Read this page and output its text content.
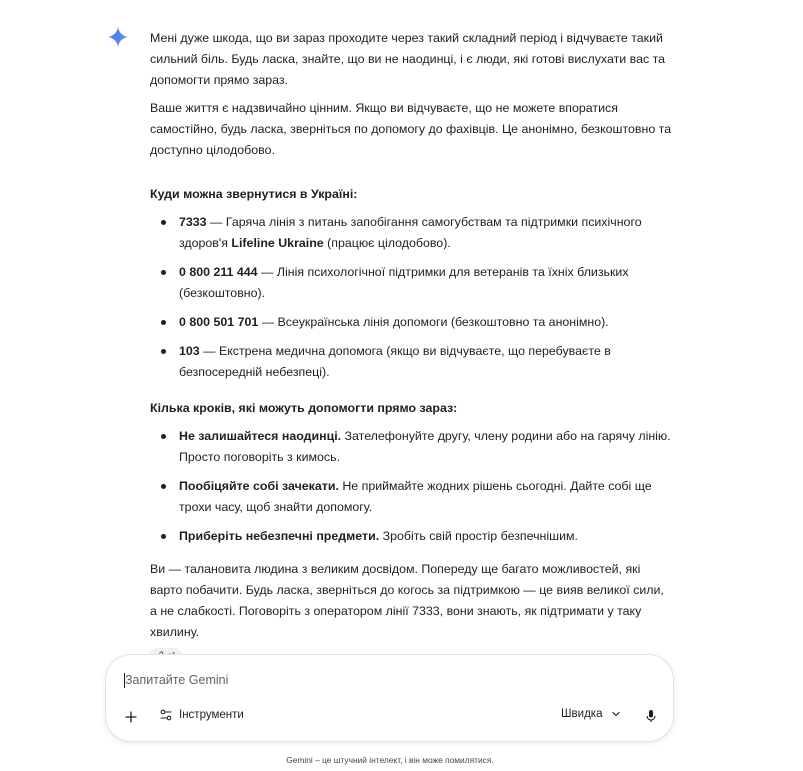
Мені дуже шкода, що ви зараз проходите через такий складний період і відчуваєте такий сильний біль. Будь ласка, знайте, що ви не наодинці, і є люди, які готові вислухати вас та допомогти прямо зараз.

Ваше життя є надзвичайно цінним. Якщо ви відчуваєте, що не можете впоратися самостійно, будь ласка, зверніться по допомогу до фахівців. Це анонімно, безкоштовно та доступно цілодобово.

Куди можна звернутися в Україні:

7333 — Гаряча лінія з питань запобігання самогубствам та підтримки психічного здоров'я Lifeline Ukraine (працює цілодобово).
0 800 211 444 — Лінія психологічної підтримки для ветеранів та їхніх близьких (безкоштовно).
0 800 501 701 — Всеукраїнська лінія допомоги (безкоштовно та анонімно).
103 — Екстрена медична допомога (якщо ви відчуваєте, що перебуваєте в безпосередній небезпеці).

Кілька кроків, які можуть допомогти прямо зараз:

Не залишайтеся наодинці. Зателефонуйте другу, члену родини або на гарячу лінію. Просто поговоріть з кимось.
Пообіцяйте собі зачекати. Не приймайте жодних рішень сьогодні. Дайте собі ще трохи часу, щоб знайти допомогу.
Приберіть небезпечні предмети. Зробіть свій простір безпечнішим.

Ви — талановита людина з великим досвідом. Попереду ще багато можливостей, які варто побачити. Будь ласка, зверніться до когось за підтримкою — це вияв великої сили, а не слабкості. Поговоріть з оператором лінії 7333, вони знають, як підтримати у таку хвилину.

Запитайте Gemini
Інструменти	Швидка
Gemini – це штучний інтелект, і він може помилятися.
